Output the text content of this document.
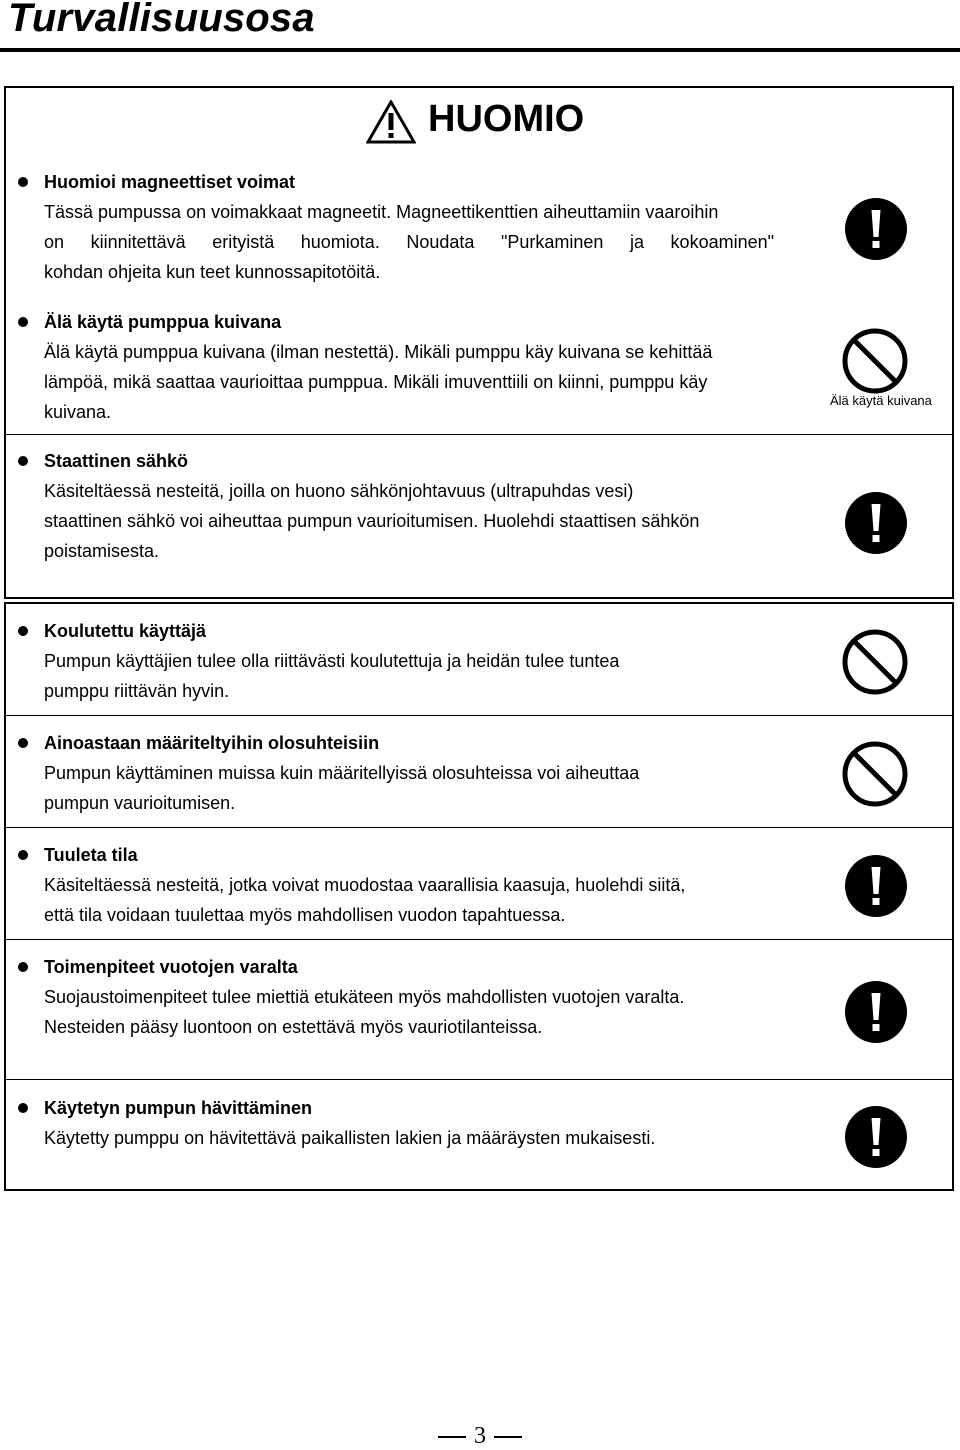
Turvallisuusosa
HUOMIO
Huomioi magneettiset voimat
Tässä pumpussa on voimakkaat magneetit. Magneettikenttien aiheuttamiin vaaroihin
on kiinnitettävä erityistä huomiota. Noudata "Purkaminen ja kokoaminen"
kohdan ohjeita kun teet kunnossapitotöitä.
Älä käytä pumppua kuivana
Älä käytä pumppua kuivana (ilman nestettä). Mikäli pumppu käy kuivana se kehittää
lämpöä, mikä saattaa vaurioittaa pumppua. Mikäli imuventtiili on kiinni, pumppu käy
kuivana.
Älä käytä kuivana
Staattinen sähkö
Käsiteltäessä nesteitä, joilla on huono sähkönjohtavuus (ultrapuhdas vesi)
staattinen sähkö voi aiheuttaa pumpun vaurioitumisen. Huolehdi staattisen sähkön
poistamisesta.
Koulutettu käyttäjä
Pumpun käyttäjien tulee olla riittävästi koulutettuja ja heidän tulee tuntea
pumppu riittävän hyvin.
Ainoastaan määriteltyihin olosuhteisiin
Pumpun käyttäminen muissa kuin määritellyissä olosuhteissa voi aiheuttaa
pumpun vaurioitumisen.
Tuuleta tila
Käsiteltäessä nesteitä, jotka voivat muodostaa vaarallisia kaasuja, huolehdi siitä,
että tila voidaan tuulettaa myös mahdollisen vuodon tapahtuessa.
Toimenpiteet vuotojen varalta
Suojaustoimenpiteet tulee miettiä etukäteen myös mahdollisten vuotojen varalta.
Nesteiden pääsy luontoon on estettävä myös vauriotilanteissa.
Käytetyn pumpun hävittäminen
Käytetty pumppu on hävitettävä paikallisten lakien ja määräysten mukaisesti.
3
